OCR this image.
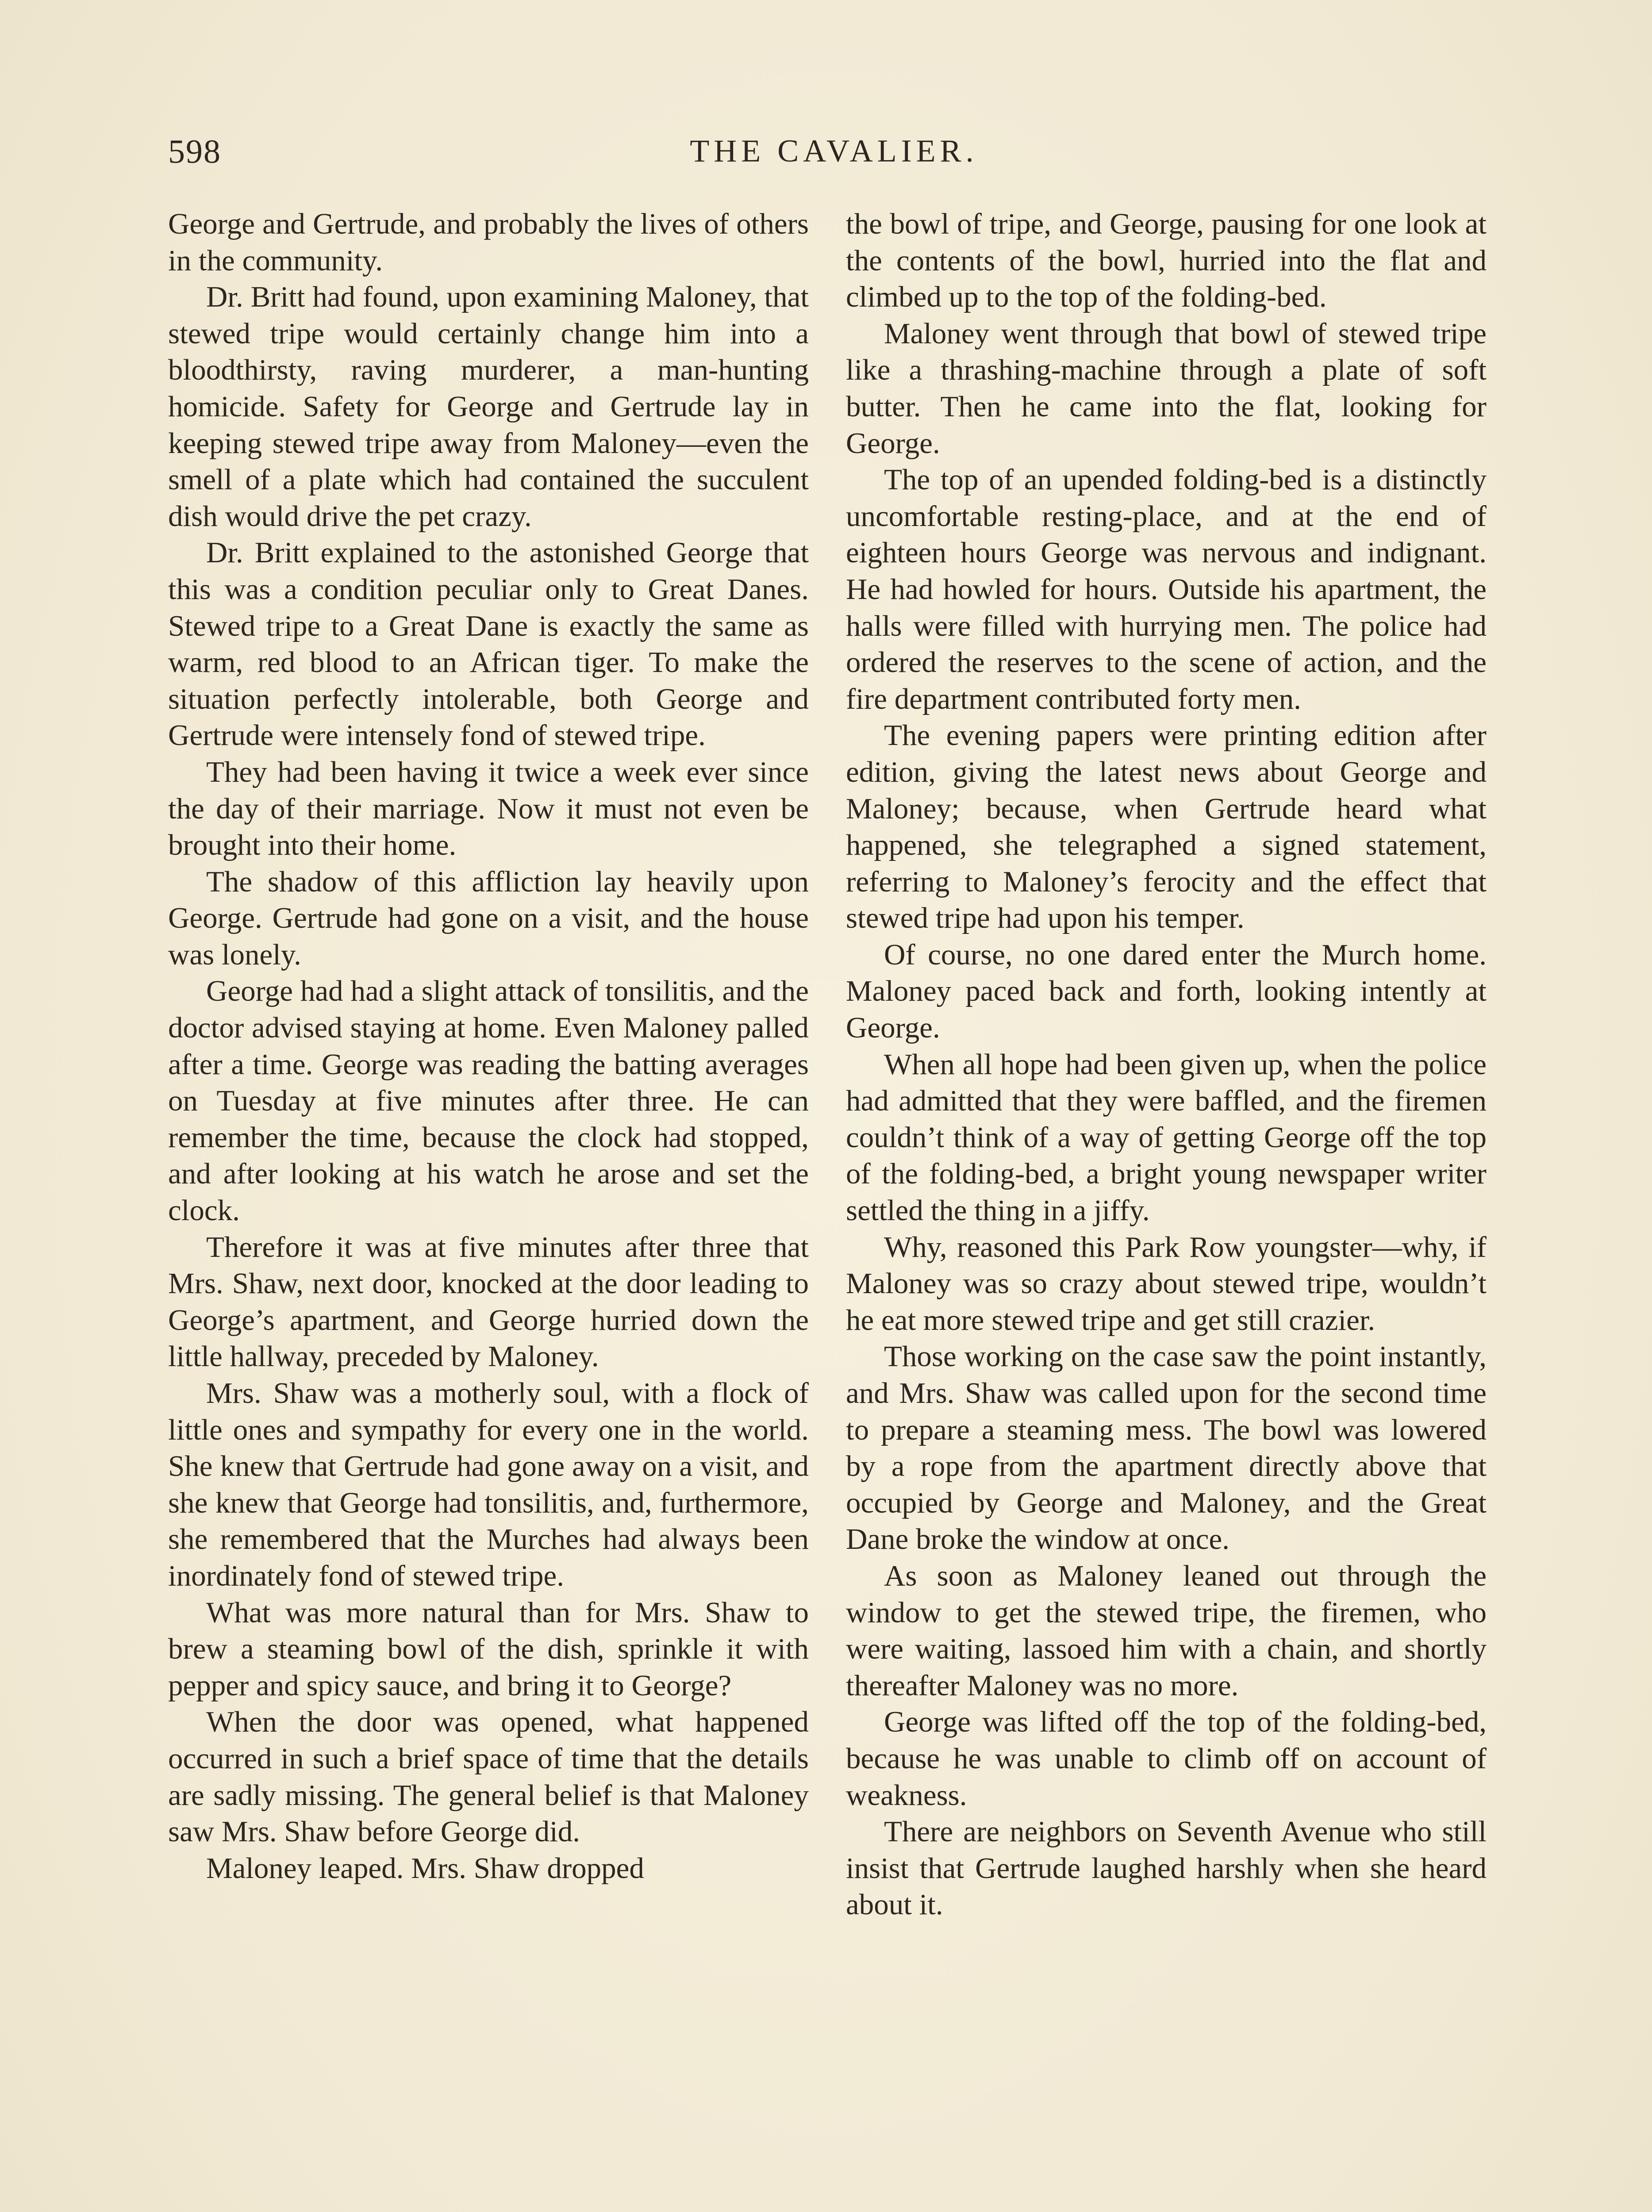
598	THE CAVALIER.

George and Gertrude, and probably the lives of others in the community.

Dr. Britt had found, upon examining Maloney, that stewed tripe would certainly change him into a bloodthirsty, raving murderer, a man-hunting homicide. Safety for George and Gertrude lay in keeping stewed tripe away from Maloney—even the smell of a plate which had contained the succulent dish would drive the pet crazy.

Dr. Britt explained to the astonished George that this was a condition peculiar only to Great Danes. Stewed tripe to a Great Dane is exactly the same as warm, red blood to an African tiger. To make the situation perfectly intolerable, both George and Gertrude were intensely fond of stewed tripe.

They had been having it twice a week ever since the day of their marriage. Now it must not even be brought into their home.

The shadow of this affliction lay heavily upon George. Gertrude had gone on a visit, and the house was lonely.

George had had a slight attack of tonsilitis, and the doctor advised staying at home. Even Maloney palled after a time. George was reading the batting averages on Tuesday at five minutes after three. He can remember the time, because the clock had stopped, and after looking at his watch he arose and set the clock.

Therefore it was at five minutes after three that Mrs. Shaw, next door, knocked at the door leading to George’s apartment, and George hurried down the little hallway, preceded by Maloney.

Mrs. Shaw was a motherly soul, with a flock of little ones and sympathy for every one in the world. She knew that Gertrude had gone away on a visit, and she knew that George had tonsilitis, and, furthermore, she remembered that the Murches had always been inordinately fond of stewed tripe.

What was more natural than for Mrs. Shaw to brew a steaming bowl of the dish, sprinkle it with pepper and spicy sauce, and bring it to George?

When the door was opened, what happened occurred in such a brief space of time that the details are sadly missing. The general belief is that Maloney saw Mrs. Shaw before George did.

Maloney leaped. Mrs. Shaw dropped

the bowl of tripe, and George, pausing for one look at the contents of the bowl, hurried into the flat and climbed up to the top of the folding-bed.

Maloney went through that bowl of stewed tripe like a thrashing-machine through a plate of soft butter. Then he came into the flat, looking for George.

The top of an upended folding-bed is a distinctly uncomfortable resting-place, and at the end of eighteen hours George was nervous and indignant. He had howled for hours. Outside his apartment, the halls were filled with hurrying men. The police had ordered the reserves to the scene of action, and the fire department contributed forty men.

The evening papers were printing edition after edition, giving the latest news about George and Maloney; because, when Gertrude heard what happened, she telegraphed a signed statement, referring to Maloney’s ferocity and the effect that stewed tripe had upon his temper.

Of course, no one dared enter the Murch home. Maloney paced back and forth, looking intently at George.

When all hope had been given up, when the police had admitted that they were baffled, and the firemen couldn’t think of a way of getting George off the top of the folding-bed, a bright young newspaper writer settled the thing in a jiffy.

Why, reasoned this Park Row youngster—why, if Maloney was so crazy about stewed tripe, wouldn’t he eat more stewed tripe and get still crazier.

Those working on the case saw the point instantly, and Mrs. Shaw was called upon for the second time to prepare a steaming mess. The bowl was lowered by a rope from the apartment directly above that occupied by George and Maloney, and the Great Dane broke the window at once.

As soon as Maloney leaned out through the window to get the stewed tripe, the firemen, who were waiting, lassoed him with a chain, and shortly thereafter Maloney was no more.

George was lifted off the top of the folding-bed, because he was unable to climb off on account of weakness.

There are neighbors on Seventh Avenue who still insist that Gertrude laughed harshly when she heard about it.
